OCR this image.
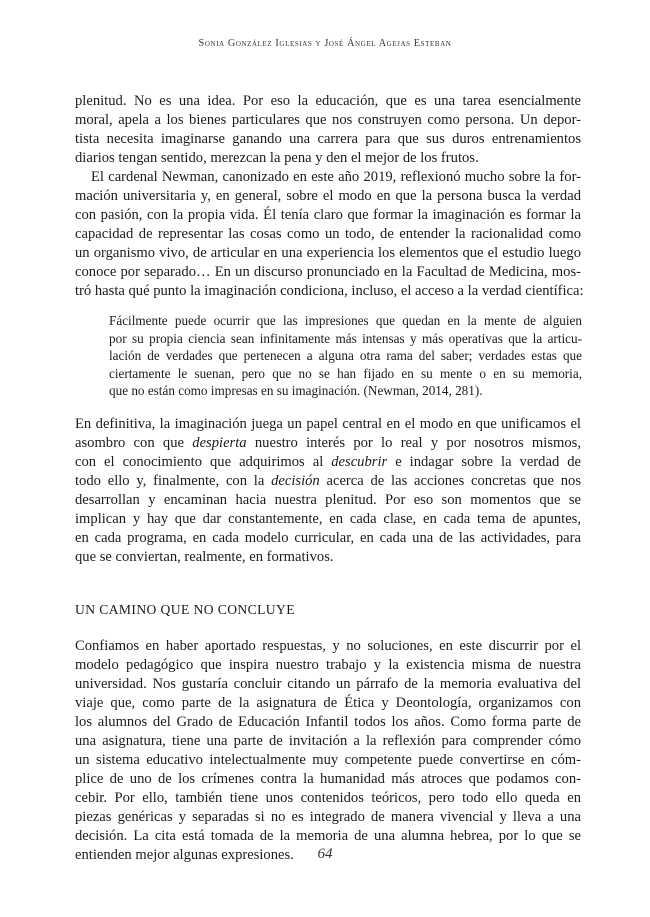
Sonia González Iglesias y José Ángel Agejas Esteban
plenitud. No es una idea. Por eso la educación, que es una tarea esencialmente
moral, apela a los bienes particulares que nos construyen como persona. Un depor-
tista necesita imaginarse ganando una carrera para que sus duros entrenamientos
diarios tengan sentido, merezcan la pena y den el mejor de los frutos.
El cardenal Newman, canonizado en este año 2019, reflexionó mucho sobre la for-
mación universitaria y, en general, sobre el modo en que la persona busca la verdad
con pasión, con la propia vida. Él tenía claro que formar la imaginación es formar la
capacidad de representar las cosas como un todo, de entender la racionalidad como
un organismo vivo, de articular en una experiencia los elementos que el estudio luego
conoce por separado… En un discurso pronunciado en la Facultad de Medicina, mos-
tró hasta qué punto la imaginación condiciona, incluso, el acceso a la verdad científica:
Fácilmente puede ocurrir que las impresiones que quedan en la mente de alguien
por su propia ciencia sean infinitamente más intensas y más operativas que la articu-
lación de verdades que pertenecen a alguna otra rama del saber; verdades estas que
ciertamente le suenan, pero que no se han fijado en su mente o en su memoria,
que no están como impresas en su imaginación. (Newman, 2014, 281).
En definitiva, la imaginación juega un papel central en el modo en que unificamos el
asombro con que despierta nuestro interés por lo real y por nosotros mismos,
con el conocimiento que adquirimos al descubrir e indagar sobre la verdad de
todo ello y, finalmente, con la decisión acerca de las acciones concretas que nos
desarrollan y encaminan hacia nuestra plenitud. Por eso son momentos que se
implican y hay que dar constantemente, en cada clase, en cada tema de apuntes,
en cada programa, en cada modelo curricular, en cada una de las actividades, para
que se conviertan, realmente, en formativos.
UN CAMINO QUE NO CONCLUYE
Confiamos en haber aportado respuestas, y no soluciones, en este discurrir por el
modelo pedagógico que inspira nuestro trabajo y la existencia misma de nuestra
universidad. Nos gustaría concluir citando un párrafo de la memoria evaluativa del
viaje que, como parte de la asignatura de Ética y Deontología, organizamos con
los alumnos del Grado de Educación Infantil todos los años. Como forma parte de
una asignatura, tiene una parte de invitación a la reflexión para comprender cómo
un sistema educativo intelectualmente muy competente puede convertirse en cóm-
plice de uno de los crímenes contra la humanidad más atroces que podamos con-
cebir. Por ello, también tiene unos contenidos teóricos, pero todo ello queda en
piezas genéricas y separadas si no es integrado de manera vivencial y lleva a una
decisión. La cita está tomada de la memoria de una alumna hebrea, por lo que se
entienden mejor algunas expresiones.	64
